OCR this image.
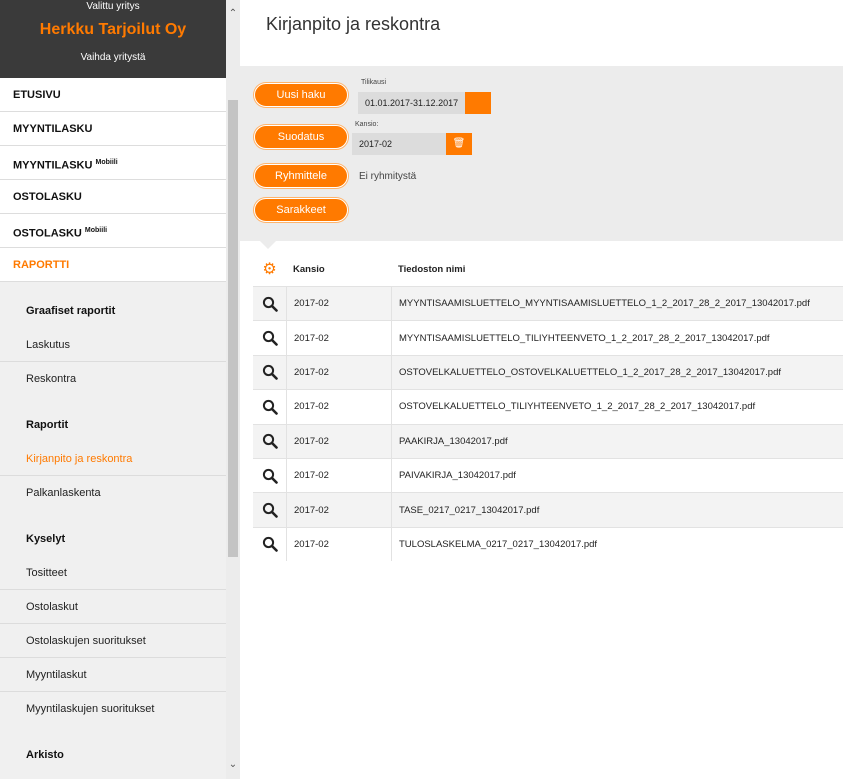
Valittu yritys
Herkku Tarjoilut Oy
Vaihda yritystä
ETUSIVU
MYYNTILASKU
MYYNTILASKU $^{Mobiili}$
OSTOLASKU
OSTOLASKU $^{Mobiili}$
RAPORTTI
Graafiset raportit
Laskutus
Reskontra
Raportit
Kirjanpito ja reskontra
Palkanlaskenta
Kyselyt
Tositteet
Ostolaskut
Ostolaskujen suoritukset
Myyntilaskut
Myyntilaskujen suoritukset
Arkisto
⌃
⌄
Kirjanpito ja reskontra
Uusi haku
Tilikausi
01.01.2017-31.12.2017
Suodatus
Kansio:
2017-02	🗑
Ryhmittele	Ei ryhmitystä
Sarakkeet
⚙	Kansio	Tiedoston nimi
2017-02	MYYNTISAAMISLUETTELO_MYYNTISAAMISLUETTELO_1_2_2017_28_2_2017_13042017.pdf
2017-02	MYYNTISAAMISLUETTELO_TILIYHTEENVETO_1_2_2017_28_2_2017_13042017.pdf
2017-02	OSTOVELKALUETTELO_OSTOVELKALUETTELO_1_2_2017_28_2_2017_13042017.pdf
2017-02	OSTOVELKALUETTELO_TILIYHTEENVETO_1_2_2017_28_2_2017_13042017.pdf
2017-02	PAAKIRJA_13042017.pdf
2017-02	PAIVAKIRJA_13042017.pdf
2017-02	TASE_0217_0217_13042017.pdf
2017-02	TULOSLASKELMA_0217_0217_13042017.pdf
